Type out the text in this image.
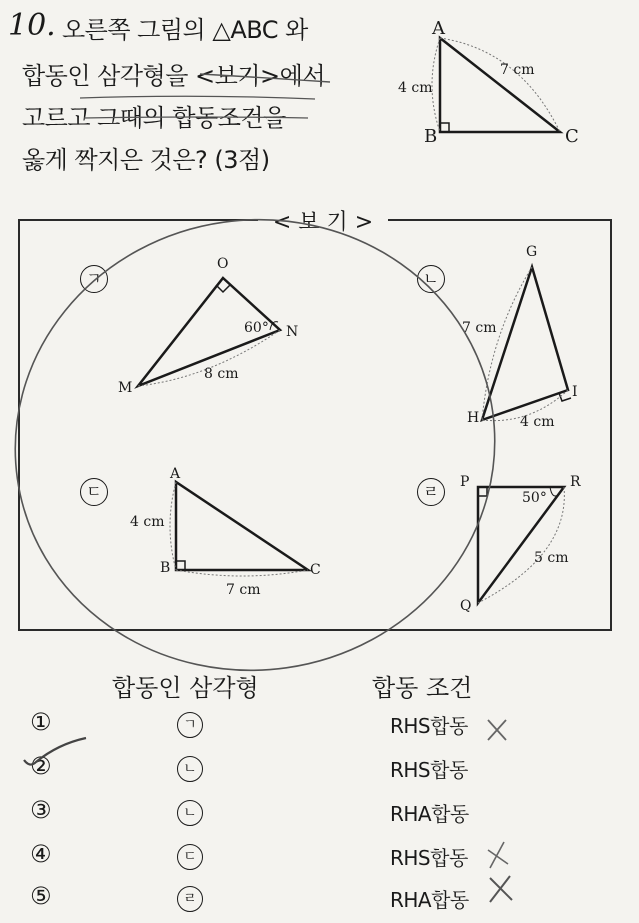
10. 오른쪽 그림의 △ABC 와
합동인 삼각형을 <보기>에서
고르고 그때의 합동조건을
옳게 짝지은 것은? (3점)
A
B	C
4 cm
7 cm
< 보 기 >
ㄱ
O
N
M
60°
8 cm
ㄴ
G
I
H
7 cm
4 cm
ㄷ
A
B	C
4 cm
7 cm
ㄹ	P	R
Q
50°
5 cm
합동인 삼각형	합동 조건
①	ㄱ	RHS합동
②	ㄴ	RHS합동
③	ㄴ	RHA합동
④	ㄷ	RHS합동
⑤	ㄹ	RHA합동
